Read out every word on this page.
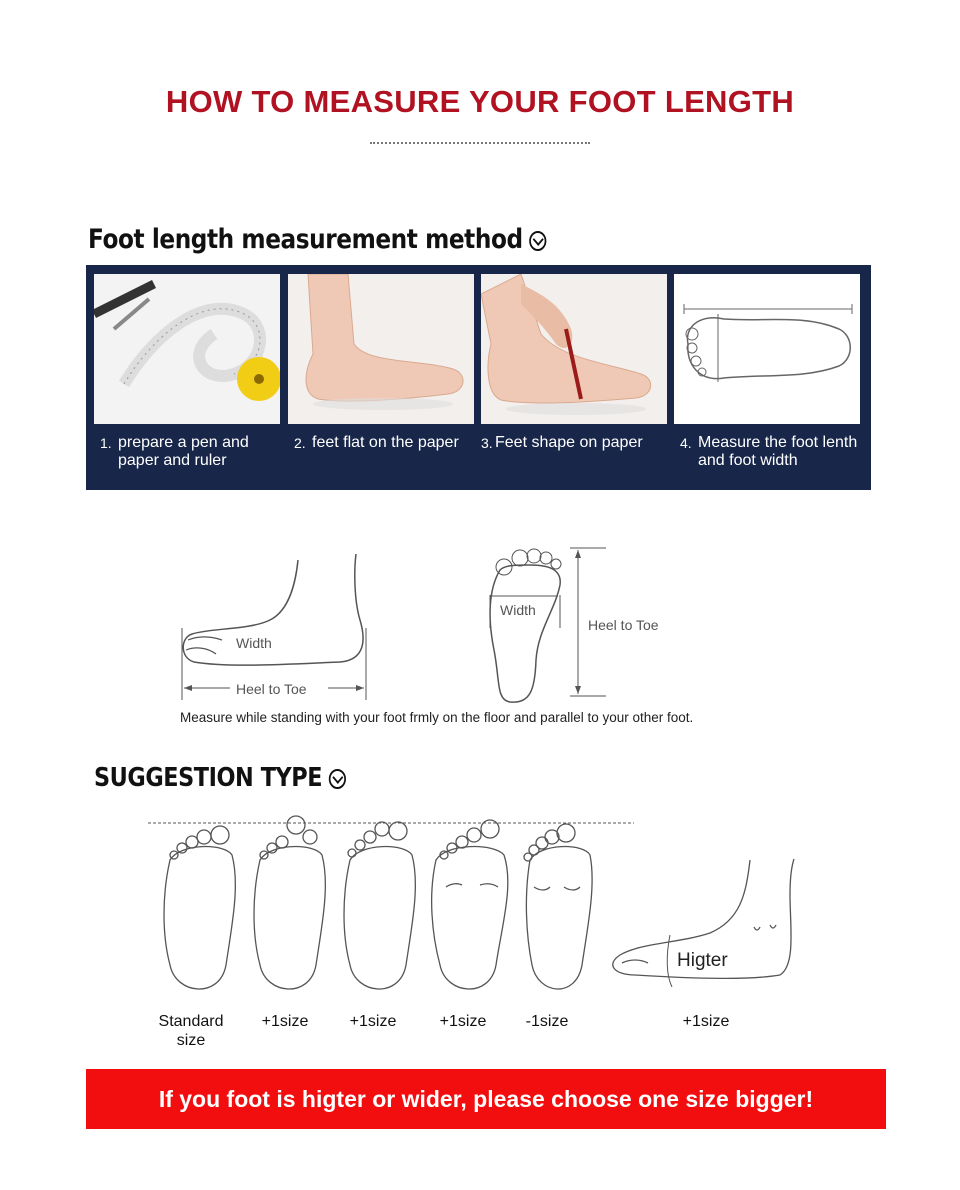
HOW TO MEASURE YOUR FOOT LENGTH
Foot length measurement method
1. prepare a pen and paper and ruler
2. feet flat on the paper	3. Feet shape on paper	4. Measure the foot lenth and foot width
Width
Heel to Toe
Width
Heel to Toe
Measure while standing with your foot frmly on the floor and parallel to your other foot.
SUGGESTION TYPE
Higter
Standard size
+1size	+1size	+1size	-1size	+1size
If you foot is higter or wider, please choose one size bigger!
